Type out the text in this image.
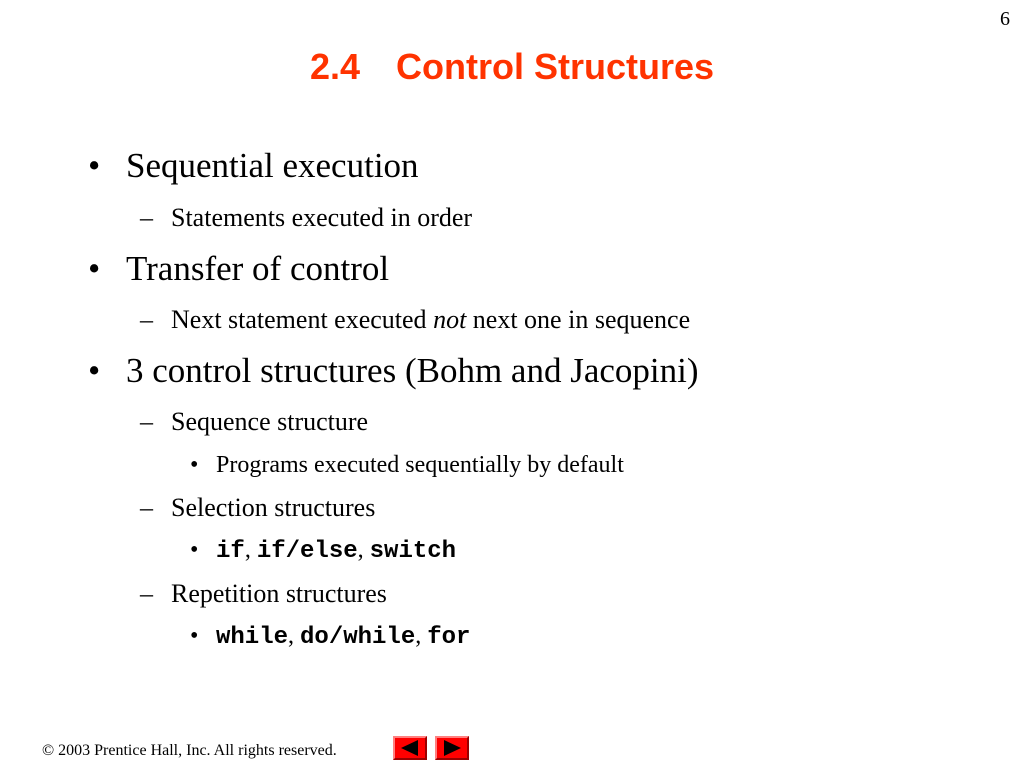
6
2.4 Control Structures
• Sequential execution
– Statements executed in order
• Transfer of control
– Next statement executed not next one in sequence
• 3 control structures (Bohm and Jacopini)
– Sequence structure
• Programs executed sequentially by default
– Selection structures
• if, if/else, switch
– Repetition structures
• while, do/while, for
© 2003 Prentice Hall, Inc. All rights reserved.
